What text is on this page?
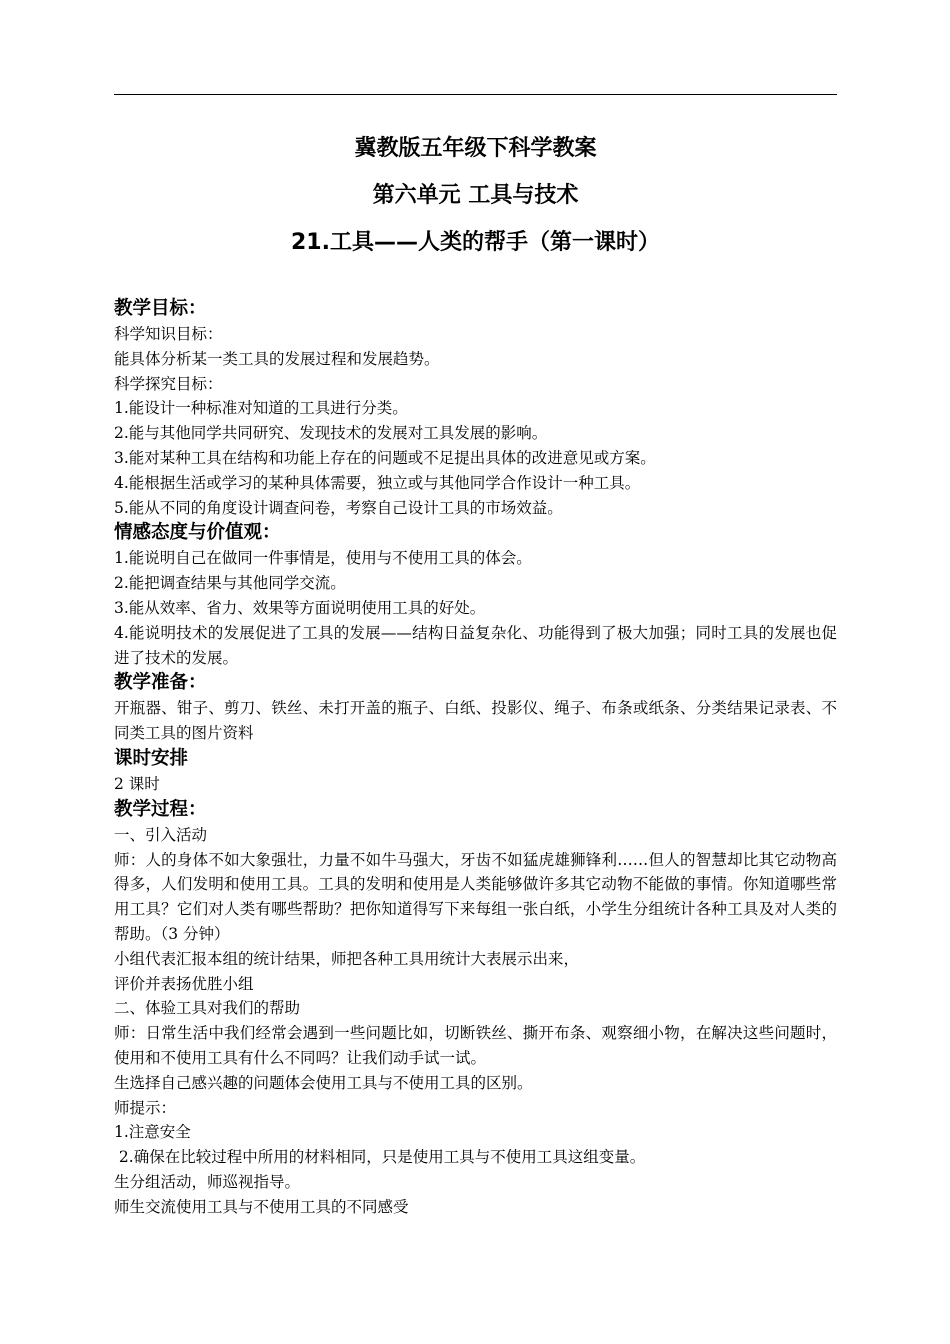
冀教版五年级下科学教案
第六单元 工具与技术
21.工具——人类的帮手（第一课时）
教学目标：
科学知识目标：
能具体分析某一类工具的发展过程和发展趋势。
科学探究目标：
1.能设计一种标准对知道的工具进行分类。
2.能与其他同学共同研究、发现技术的发展对工具发展的影响。
3.能对某种工具在结构和功能上存在的问题或不足提出具体的改进意见或方案。
4.能根据生活或学习的某种具体需要，独立或与其他同学合作设计一种工具。
5.能从不同的角度设计调查问卷，考察自己设计工具的市场效益。
情感态度与价值观：
1.能说明自己在做同一件事情是，使用与不使用工具的体会。
2.能把调查结果与其他同学交流。
3.能从效率、省力、效果等方面说明使用工具的好处。
4.能说明技术的发展促进了工具的发展——结构日益复杂化、功能得到了极大加强；同时工具的发展也促进了技术的发展。
教学准备：
开瓶器、钳子、剪刀、铁丝、未打开盖的瓶子、白纸、投影仪、绳子、布条或纸条、分类结果记录表、不同类工具的图片资料
课时安排
2 课时
教学过程：
一、引入活动
师：人的身体不如大象强壮，力量不如牛马强大，牙齿不如猛虎雄狮锋利……但人的智慧却比其它动物高得多，人们发明和使用工具。工具的发明和使用是人类能够做许多其它动物不能做的事情。你知道哪些常用工具？它们对人类有哪些帮助？把你知道得写下来每组一张白纸，小学生分组统计各种工具及对人类的帮助。（3 分钟）
小组代表汇报本组的统计结果，师把各种工具用统计大表展示出来，
评价并表扬优胜小组
二、体验工具对我们的帮助
师：日常生活中我们经常会遇到一些问题比如，切断铁丝、撕开布条、观察细小物，在解决这些问题时，使用和不使用工具有什么不同吗？让我们动手试一试。
生选择自己感兴趣的问题体会使用工具与不使用工具的区别。
师提示：
1.注意安全
2.确保在比较过程中所用的材料相同，只是使用工具与不使用工具这组变量。
生分组活动，师巡视指导。
师生交流使用工具与不使用工具的不同感受
